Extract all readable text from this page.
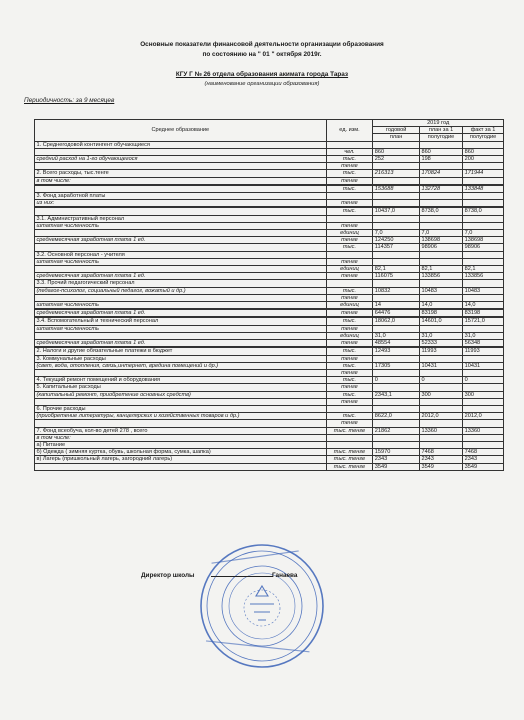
Основные показатели финансовой деятельности организации образования
по состоянию на " 01 " октября 2019г.
КГУ Г № 26 отдела образования акимата города Тараз
(наименование организации образования)
Периодичность: за 9 месяцев
Среднее образование	ед. изм.	2019 год		
		годовой	план за 1	факт за 1
		план	полугодие	полугодие
1. Среднегодовой контингент обучающиеся				
	чел.	860	860	860
средний расход на 1-го обучающегося	тыс.	252	198	200
	тенге			
2. Всего расходы, тыс.тенге	тыс.	216313	170824	171944
в том числе:	тенге			

	тыс.	153688	132728	133848
3. Фонд заработной платы				
из них:	тенге			

	тыс.	10437,0	8738,0	8738,0
3.1. Административный персонал				
штатная численность	тенге			
	единиц	7,0	7,0	7,0
среднемесячная заработная плата 1 ед.	тенге	124250	138698	138698
	тыс.	114357	98906	98906
3.2. Основной персонал - учителя				
штатная численность	тенге			
	единиц	82,1	82,1	82,1
среднемесячная заработная плата 1 ед.	тенге	116075	133856	133856
3.3. Прочий педагогический персонал				
(педагог-психолог, социальный педагог, вожатый и др.)	тыс.	10832	10483	10483
	тенге			
штатная численность	единиц	14	14,0	14,0

среднемесячная заработная плата 1 ед.	тенге	64476	83198	83198

3.4. Вспомогательный и технический персонал	тыс.	18062,0	14601,0	15721,0
штатная численность	тенге			
	единиц	31,0	31,0	31,0
среднемесячная заработная плата 1 ед.	тенге	48554	52333	56348

2. Налоги и другие обязательные платежи в бюджет	тыс.	12493	11993	11993
3. Коммунальные расходы	тенге			
(свет, вода, отопления, связь,интернет, вредина помещений и др.)	тыс.	17305	10431	10431
	тенге			
4. Текущий ремонт помещений и оборудования	тыс.	0	0	0
5. Капитальные расходы	тенге			
(капитальный ремонт, приобретение основных средств)	тыс.	2343,1	300	300
	тенге			
6. Прочие расходы				
(приобретение литературы, канцелярских и хозяйственных товаров и др.)	тыс.	8622,0	2012,0	2012,0
	тенге			
7. Фонд всеобуча, кол-во детей 278 , всего	тыс. тенге	21862	13360	13360
в том числе:				
а) Питание				
б) Одежда ( зимняя куртка, обувь, школьная форма, сумка, шапка)	тыс. тенге	15970	7468	7468
в) Лагерь (пришкольный лагерь, загородний лагерь)	тыс. тенге	2343	2343	2343
	тыс. тенге	3549	3549	3549
Директор школы	Ганаева
